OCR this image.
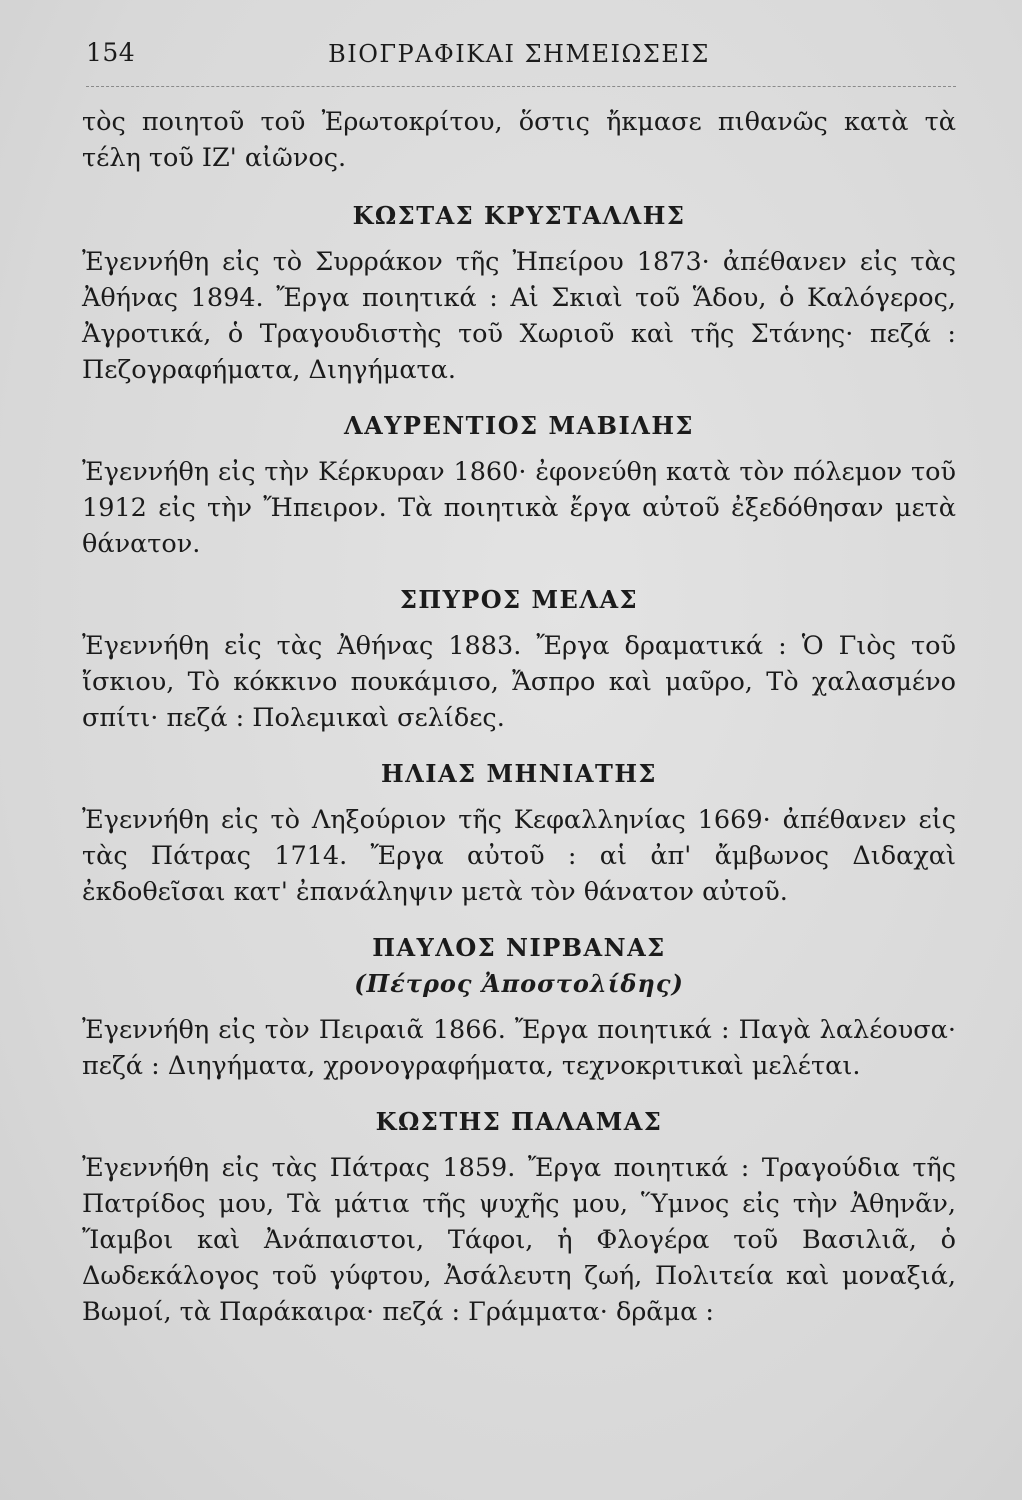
154	ΒΙΟΓΡΑΦΙΚΑΙ ΣΗΜΕΙΩΣΕΙΣ

τὸς ποιητοῦ τοῦ Ἐρωτοκρίτου, ὅστις ἤκμασε πιθανῶς κατὰ τὰ τέλη τοῦ ΙΖ' αἰῶνος.

ΚΩΣΤΑΣ ΚΡΥΣΤΑΛΛΗΣ

Ἐγεννήθη εἰς τὸ Συρράκον τῆς Ἠπείρου 1873· ἀπέθανεν εἰς τὰς Ἀθήνας 1894. Ἔργα ποιητικά : Αἱ Σκιαὶ τοῦ Ἅδου, ὁ Καλόγερος, Ἀγροτικά, ὁ Τραγουδιστὴς τοῦ Χωριοῦ καὶ τῆς Στάνης· πεζά : Πεζογραφήματα, Διηγήματα.

ΛΑΥΡΕΝΤΙΟΣ ΜΑΒΙΛΗΣ

Ἐγεννήθη εἰς τὴν Κέρκυραν 1860· ἐφονεύθη κατὰ τὸν πόλεμον τοῦ 1912 εἰς τὴν Ἤπειρον. Τὰ ποιητικὰ ἔργα αὐτοῦ ἐξεδόθησαν μετὰ θάνατον.

ΣΠΥΡΟΣ ΜΕΛΑΣ

Ἐγεννήθη εἰς τὰς Ἀθήνας 1883. Ἔργα δραματικά : Ὁ Γιὸς τοῦ ἴσκιου, Τὸ κόκκινο πουκάμισο, Ἄσπρο καὶ μαῦρο, Τὸ χαλασμένο σπίτι· πεζά : Πολεμικαὶ σελίδες.

ΗΛΙΑΣ ΜΗΝΙΑΤΗΣ

Ἐγεννήθη εἰς τὸ Ληξούριον τῆς Κεφαλληνίας 1669· ἀπέθανεν εἰς τὰς Πάτρας 1714. Ἔργα αὐτοῦ : αἱ ἀπ' ἄμβωνος Διδαχαὶ ἐκδοθεῖσαι κατ' ἐπανάληψιν μετὰ τὸν θάνατον αὐτοῦ.

ΠΑΥΛΟΣ ΝΙΡΒΑΝΑΣ

(Πέτρος Ἀποστολίδης)

Ἐγεννήθη εἰς τὸν Πειραιᾶ 1866. Ἔργα ποιητικά : Παγὰ λαλέουσα· πεζά : Διηγήματα, χρονογραφήματα, τεχνοκριτικαὶ μελέται.

ΚΩΣΤΗΣ ΠΑΛΑΜΑΣ

Ἐγεννήθη εἰς τὰς Πάτρας 1859. Ἔργα ποιητικά : Τραγούδια τῆς Πατρίδος μου, Τὰ μάτια τῆς ψυχῆς μου, Ὕμνος εἰς τὴν Ἀθηνᾶν, Ἴαμβοι καὶ Ἀνάπαιστοι, Τάφοι, ἡ Φλογέρα τοῦ Βασιλιᾶ, ὁ Δωδεκάλογος τοῦ γύφτου, Ἀσάλευτη ζωή, Πολιτεία καὶ μοναξιά, Βωμοί, τὰ Παράκαιρα· πεζά : Γράμματα· δρᾶμα :
